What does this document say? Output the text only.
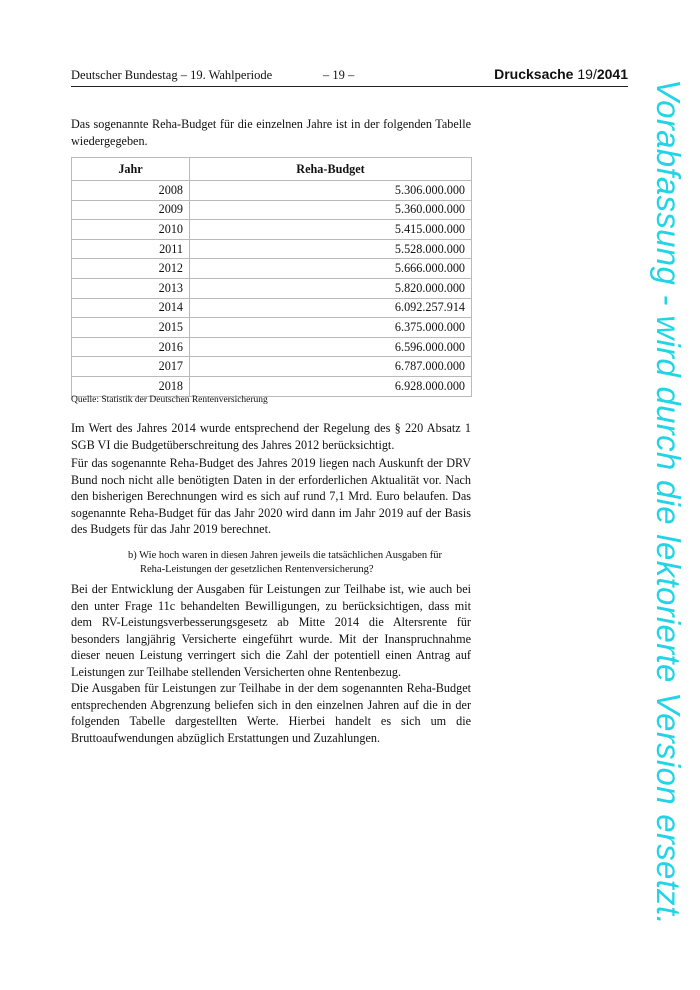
Deutscher Bundestag – 19. Wahlperiode	– 19 –	Drucksache 19/2041
Das sogenannte Reha-Budget für die einzelnen Jahre ist in der folgenden Tabelle wiedergegeben.
Jahr	Reha-Budget
2008	5.306.000.000
2009	5.360.000.000
2010	5.415.000.000
2011	5.528.000.000
2012	5.666.000.000
2013	5.820.000.000
2014	6.092.257.914
2015	6.375.000.000
2016	6.596.000.000
2017	6.787.000.000
2018	6.928.000.000
Quelle: Statistik der Deutschen Rentenversicherung
Im Wert des Jahres 2014 wurde entsprechend der Regelung des § 220 Absatz 1 SGB VI die Budgetüberschreitung des Jahres 2012 berücksichtigt.
Für das sogenannte Reha-Budget des Jahres 2019 liegen nach Auskunft der DRV Bund noch nicht alle benötigten Daten in der erforderlichen Aktualität vor. Nach den bisherigen Berechnungen wird es sich auf rund 7,1 Mrd. Euro belaufen. Das sogenannte Reha-Budget für das Jahr 2020 wird dann im Jahr 2019 auf der Basis des Budgets für das Jahr 2019 berechnet.
b) Wie hoch waren in diesen Jahren jeweils die tatsächlichen Ausgaben für
Reha-Leistungen der gesetzlichen Rentenversicherung?
Bei der Entwicklung der Ausgaben für Leistungen zur Teilhabe ist, wie auch bei den unter Frage 11c behandelten Bewilligungen, zu berücksichtigen, dass mit dem RV-Leistungsverbesserungsgesetz ab Mitte 2014 die Altersrente für besonders langjährig Versicherte eingeführt wurde. Mit der Inanspruchnahme dieser neuen Leistung verringert sich die Zahl der potentiell einen Antrag auf Leistungen zur Teilhabe stellenden Versicherten ohne Rentenbezug.
Die Ausgaben für Leistungen zur Teilhabe in der dem sogenannten Reha-Budget entsprechenden Abgrenzung beliefen sich in den einzelnen Jahren auf die in der folgenden Tabelle dargestellten Werte. Hierbei handelt es sich um die Bruttoaufwendungen abzüglich Erstattungen und Zuzahlungen.	Vorabfassung - wird durch die lektorierte Version ersetzt.
